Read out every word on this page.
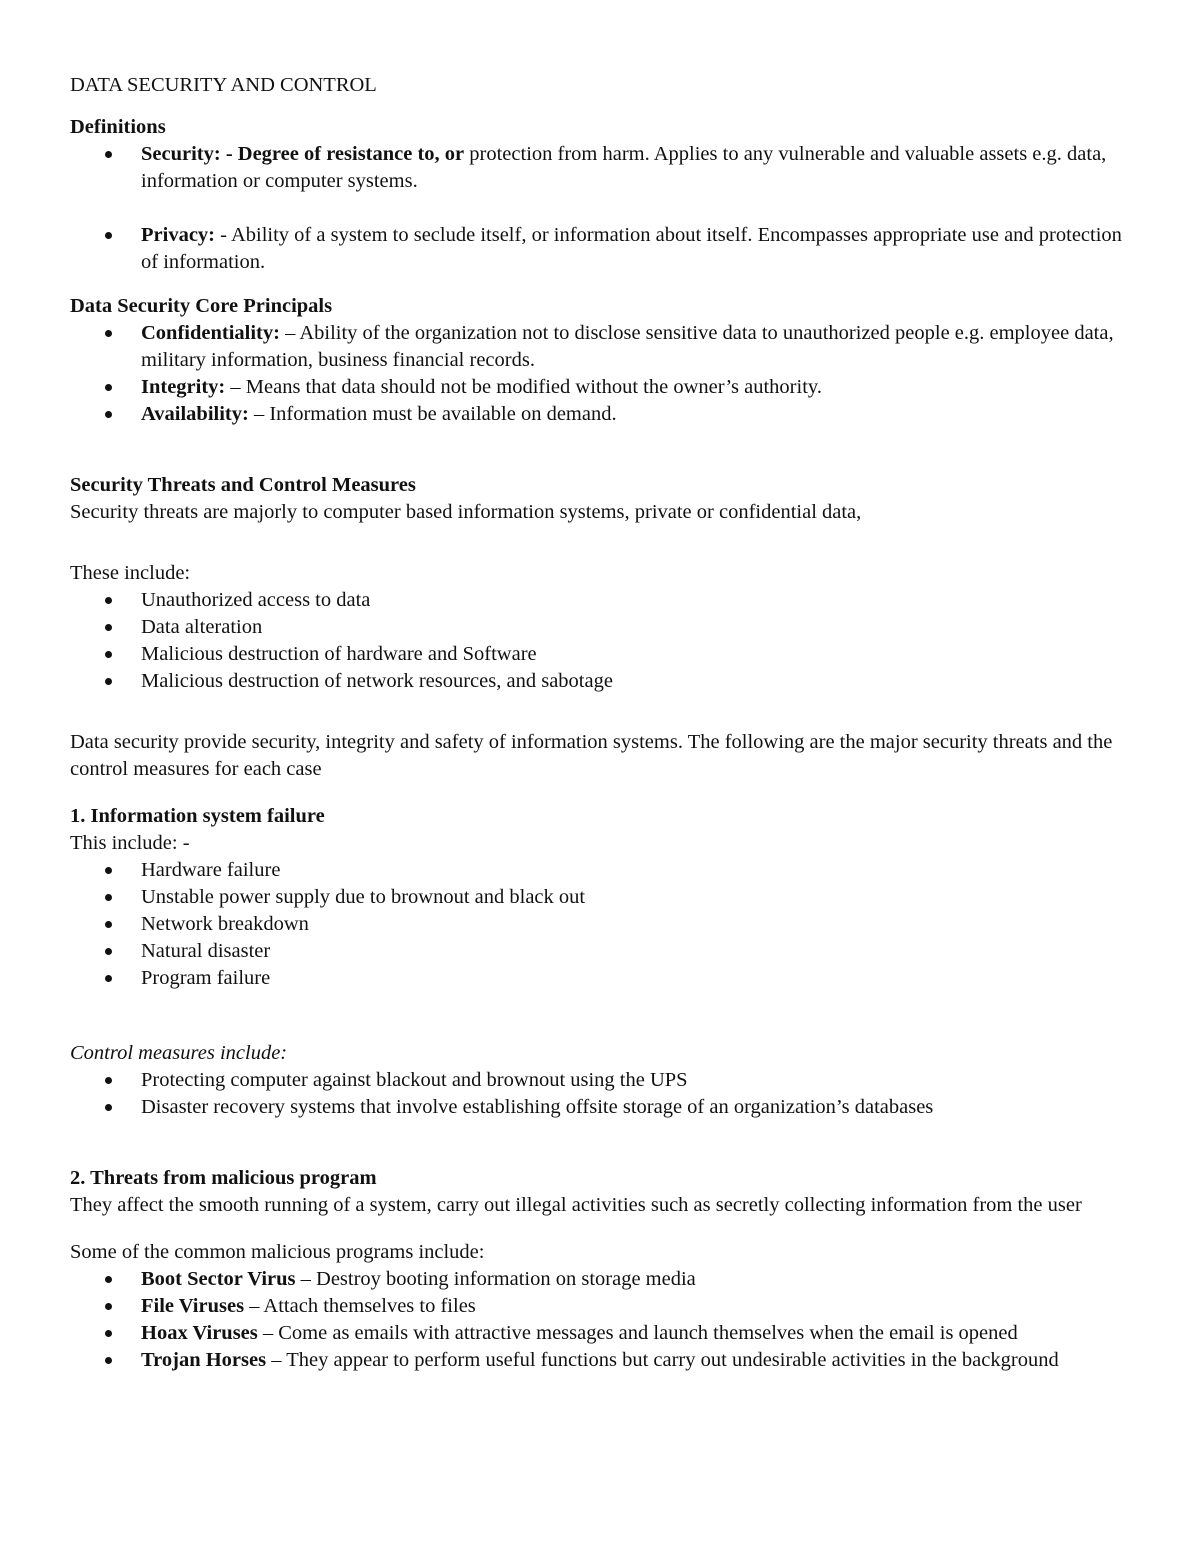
DATA SECURITY AND CONTROL

Definitions

Security: - Degree of resistance to, or protection from harm. Applies to any vulnerable and valuable assets e.g. data, information or computer systems.
Privacy: - Ability of a system to seclude itself, or information about itself. Encompasses appropriate use and protection of information.

Data Security Core Principals

Confidentiality: – Ability of the organization not to disclose sensitive data to unauthorized people e.g. employee data, military information, business financial records.
Integrity: – Means that data should not be modified without the owner’s authority.
Availability: – Information must be available on demand.

Security Threats and Control Measures

Security threats are majorly to computer based information systems, private or confidential data,

These include:

Unauthorized access to data
Data alteration
Malicious destruction of hardware and Software
Malicious destruction of network resources, and sabotage

Data security provide security, integrity and safety of information systems. The following are the major security threats and the control measures for each case

1. Information system failure

This include: -

Hardware failure
Unstable power supply due to brownout and black out
Network breakdown
Natural disaster
Program failure

Control measures include:

Protecting computer against blackout and brownout using the UPS
Disaster recovery systems that involve establishing offsite storage of an organization’s databases

2. Threats from malicious program

They affect the smooth running of a system, carry out illegal activities such as secretly collecting information from the user

Some of the common malicious programs include:

Boot Sector Virus – Destroy booting information on storage media
File Viruses – Attach themselves to files
Hoax Viruses – Come as emails with attractive messages and launch themselves when the email is opened
Trojan Horses – They appear to perform useful functions but carry out undesirable activities in the background
